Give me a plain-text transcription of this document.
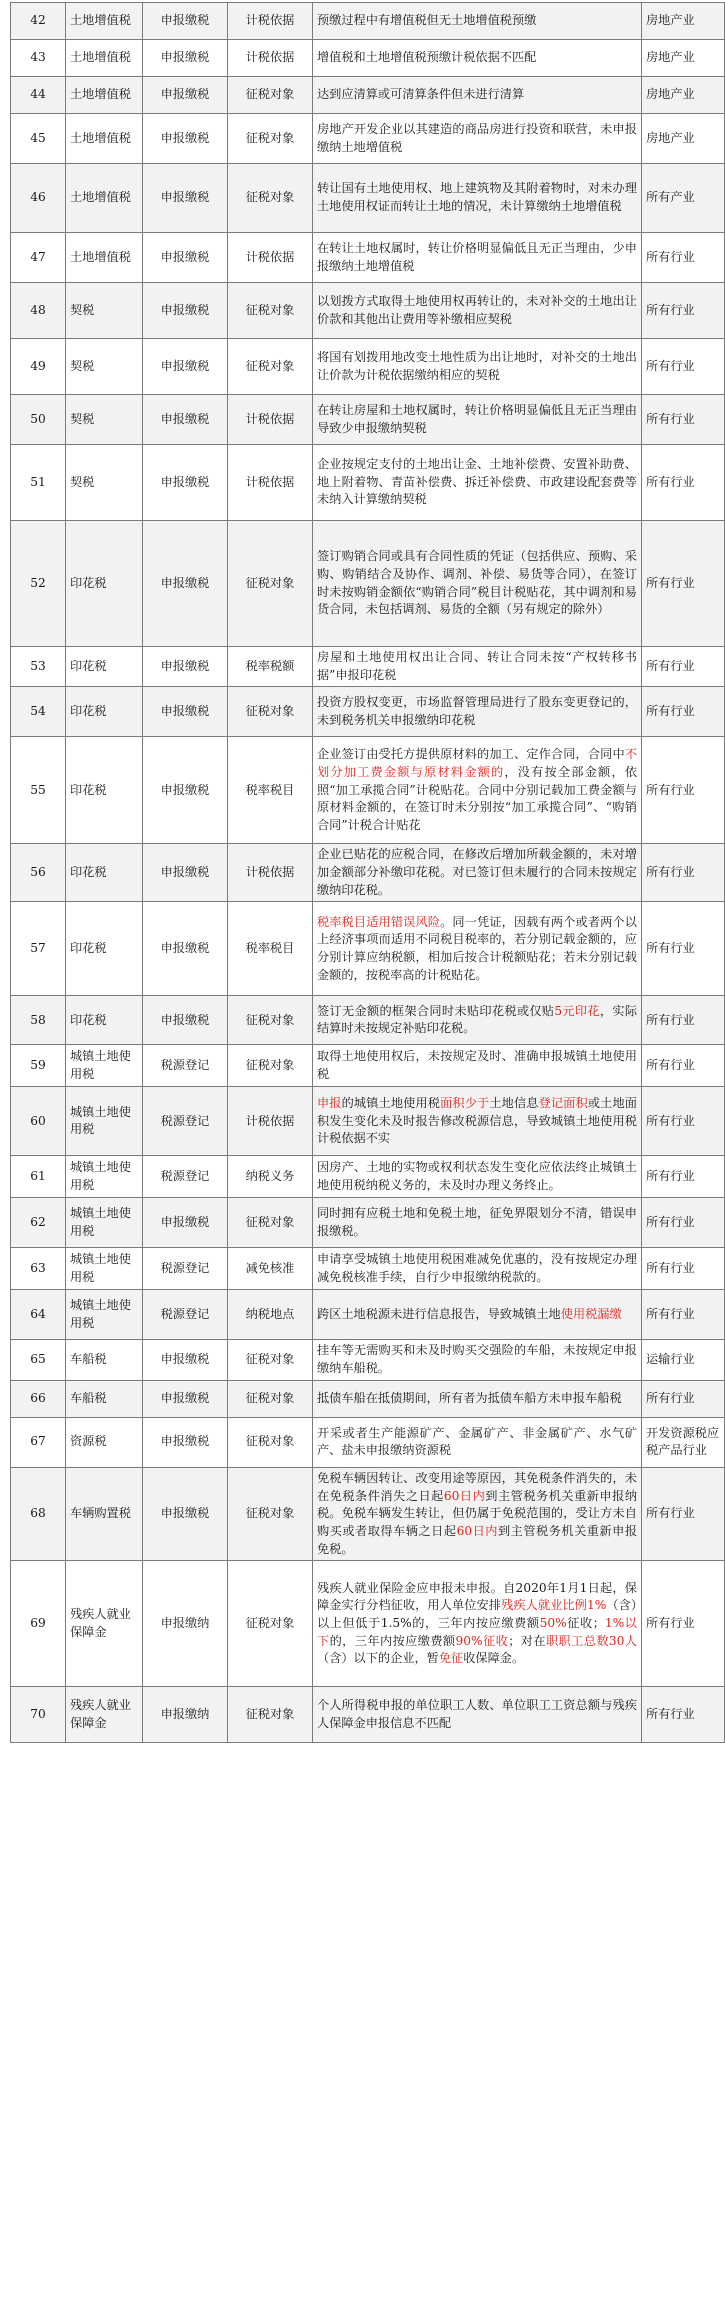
42	土地增值税	申报缴税	计税依据	预缴过程中有增值税但无土地增值税预缴	房地产业
43	土地增值税	申报缴税	计税依据	增值税和土地增值税预缴计税依据不匹配	房地产业
44	土地增值税	申报缴税	征税对象	达到应清算或可清算条件但未进行清算	房地产业
45	土地增值税	申报缴税	征税对象	房地产开发企业以其建造的商品房进行投资和联营，未申报缴纳土地增值税	房地产业
46	土地增值税	申报缴税	征税对象	转让国有土地使用权、地上建筑物及其附着物时，对未办理土地使用权证而转让土地的情况，未计算缴纳土地增值税	所有产业
47	土地增值税	申报缴税	计税依据	在转让土地权属时，转让价格明显偏低且无正当理由，少申报缴纳土地增值税	所有行业
48	契税	申报缴税	征税对象	以划拨方式取得土地使用权再转让的，未对补交的土地出让价款和其他出让费用等补缴相应契税	所有行业
49	契税	申报缴税	征税对象	将国有划拨用地改变土地性质为出让地时，对补交的土地出让价款为计税依据缴纳相应的契税	所有行业
50	契税	申报缴税	计税依据	在转让房屋和土地权属时，转让价格明显偏低且无正当理由导致少申报缴纳契税	所有行业
51	契税	申报缴税	计税依据	企业按规定支付的土地出让金、土地补偿费、安置补助费、地上附着物、青苗补偿费、拆迁补偿费、市政建设配套费等未纳入计算缴纳契税	所有行业
52	印花税	申报缴税	征税对象	签订购销合同或具有合同性质的凭证（包括供应、预购、采购、购销结合及协作、调剂、补偿、易货等合同），在签订时未按购销金额依“购销合同”税目计税贴花，其中调剂和易货合同，未包括调剂、易货的全额（另有规定的除外）	所有行业
53	印花税	申报缴税	税率税额	房屋和土地使用权出让合同、转让合同未按“产权转移书据”申报印花税	所有行业
54	印花税	申报缴税	征税对象	投资方股权变更，市场监督管理局进行了股东变更登记的，未到税务机关申报缴纳印花税	所有行业
55	印花税	申报缴税	税率税目	企业签订由受托方提供原材料的加工、定作合同，合同中不划分加工费金额与原材料金额的，没有按全部金额，依照“加工承揽合同”计税贴花。合同中分别记载加工费金额与原材料金额的，在签订时未分别按“加工承揽合同”、“购销合同”计税合计贴花	所有行业
56	印花税	申报缴税	计税依据	企业已贴花的应税合同，在修改后增加所载金额的，未对增加金额部分补缴印花税。对已签订但未履行的合同未按规定缴纳印花税。	所有行业
57	印花税	申报缴税	税率税目	税率税目适用错误风险。同一凭证，因载有两个或者两个以上经济事项而适用不同税目税率的，若分别记载金额的，应分别计算应纳税额，相加后按合计税额贴花；若未分别记载金额的，按税率高的计税贴花。	所有行业
58	印花税	申报缴税	征税对象	签订无金额的框架合同时未贴印花税或仅贴5元印花，实际结算时未按规定补贴印花税。	所有行业
59	城镇土地使用税	税源登记	征税对象	取得土地使用权后，未按规定及时、准确申报城镇土地使用税	所有行业
60	城镇土地使用税	税源登记	计税依据	申报的城镇土地使用税面积少于土地信息登记面积或土地面积发生变化未及时报告修改税源信息，导致城镇土地使用税计税依据不实	所有行业
61	城镇土地使用税	税源登记	纳税义务	因房产、土地的实物或权利状态发生变化应依法终止城镇土地使用税纳税义务的，未及时办理义务终止。	所有行业
62	城镇土地使用税	申报缴税	征税对象	同时拥有应税土地和免税土地，征免界限划分不清，错误申报缴税。	所有行业
63	城镇土地使用税	税源登记	减免核准	申请享受城镇土地使用税困难减免优惠的，没有按规定办理减免税核准手续，自行少申报缴纳税款的。	所有行业
64	城镇土地使用税	税源登记	纳税地点	跨区土地税源未进行信息报告，导致城镇土地使用税漏缴	所有行业
65	车船税	申报缴税	征税对象	挂车等无需购买和未及时购买交强险的车船，未按规定申报缴纳车船税。	运输行业
66	车船税	申报缴税	征税对象	抵债车船在抵债期间，所有者为抵债车船方未申报车船税	所有行业
67	资源税	申报缴税	征税对象	开采或者生产能源矿产、金属矿产、非金属矿产、水气矿产、盐未申报缴纳资源税	开发资源税应税产品行业
68	车辆购置税	申报缴税	征税对象	免税车辆因转让、改变用途等原因，其免税条件消失的，未在免税条件消失之日起60日内到主管税务机关重新申报纳税。免税车辆发生转让，但仍属于免税范围的，受让方未自购买或者取得车辆之日起60日内到主管税务机关重新申报免税。	所有行业
69	残疾人就业保障金	申报缴纳	征税对象	残疾人就业保险金应申报未申报。自2020年1月1日起，保障金实行分档征收，用人单位安排残疾人就业比例1%（含）以上但低于1.5%的，三年内按应缴费额50%征收；1%以下的，三年内按应缴费额90%征收；对在职职工总数30人（含）以下的企业，暂免征收保障金。	所有行业
70	残疾人就业保障金	申报缴纳	征税对象	个人所得税申报的单位职工人数、单位职工工资总额与残疾人保障金申报信息不匹配	所有行业
